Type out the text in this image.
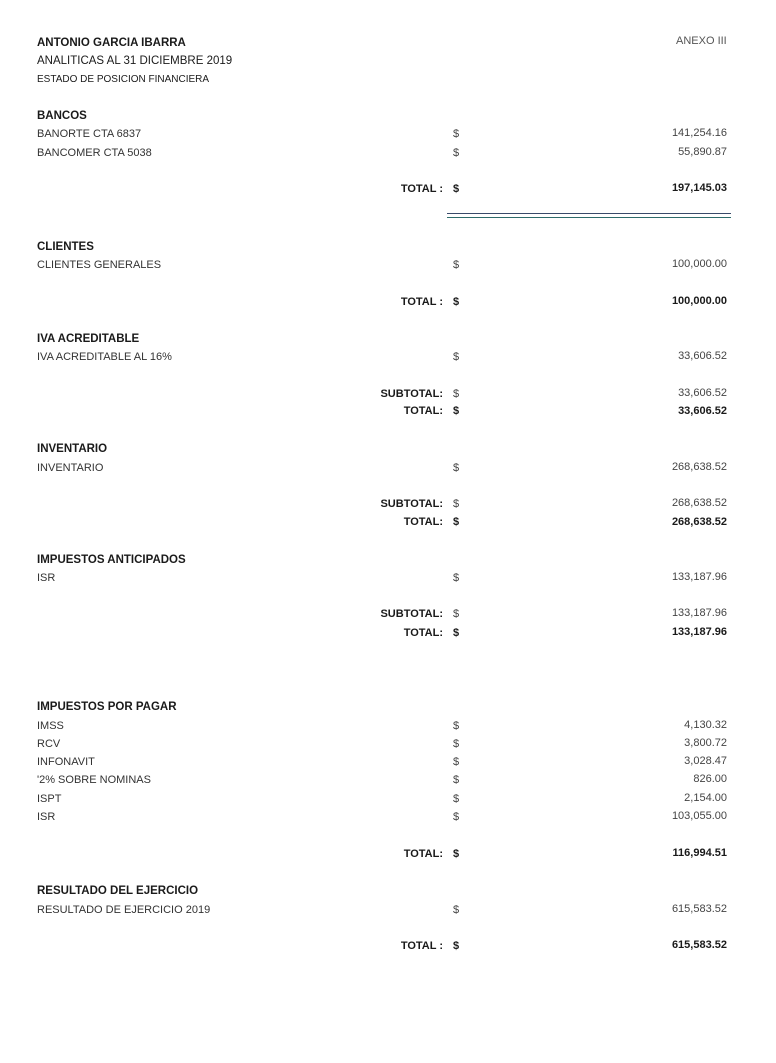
ANTONIO GARCIA IBARRA
ANALITICAS AL 31 DICIEMBRE 2019
ESTADO DE POSICION FINANCIERA
ANEXO III
BANCOS
BANORTE CTA 6837	$	141,254.16
BANCOMER CTA 5038	$	55,890.87
TOTAL : $	197,145.03
CLIENTES
CLIENTES GENERALES	$	100,000.00
TOTAL : $	100,000.00
IVA ACREDITABLE
IVA ACREDITABLE AL 16%	$	33,606.52
SUBTOTAL: $	33,606.52
TOTAL: $	33,606.52
INVENTARIO
INVENTARIO	$	268,638.52
SUBTOTAL: $	268,638.52
TOTAL: $	268,638.52
IMPUESTOS ANTICIPADOS
ISR	$	133,187.96
SUBTOTAL: $	133,187.96
TOTAL: $	133,187.96
IMPUESTOS POR PAGAR
IMSS	$	4,130.32
RCV	$	3,800.72
INFONAVIT	$	3,028.47
'2% SOBRE NOMINAS	$	826.00
ISPT	$	2,154.00
ISR	$	103,055.00
TOTAL: $	116,994.51
RESULTADO DEL EJERCICIO
RESULTADO DE EJERCICIO 2019	$	615,583.52
TOTAL : $	615,583.52
